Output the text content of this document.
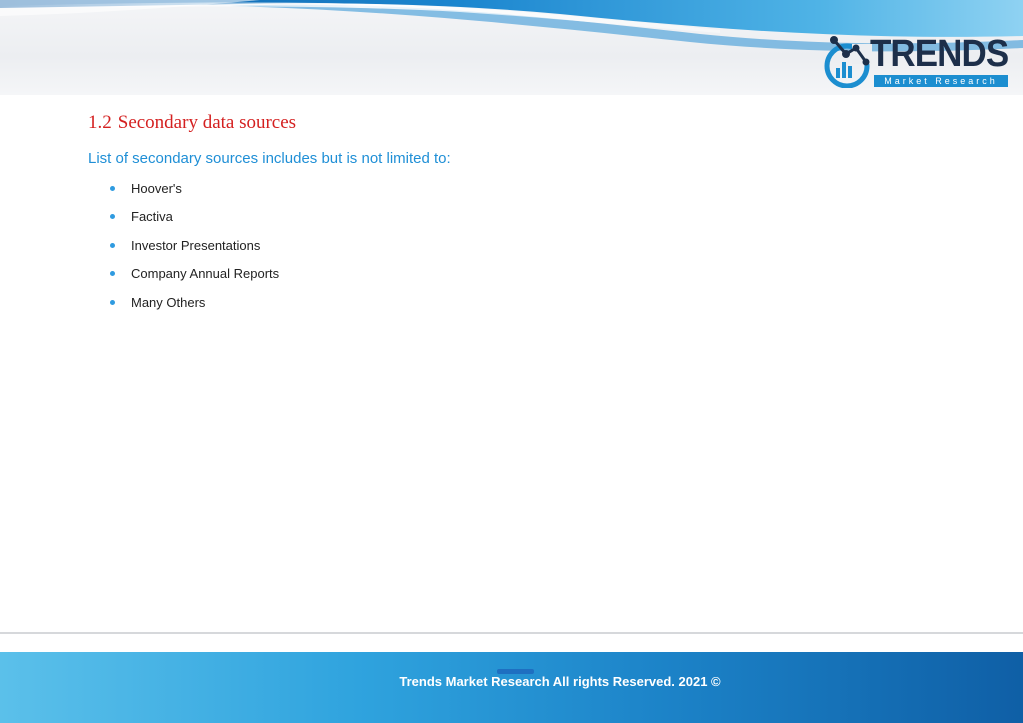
TRENDS
Market Research
1.2 Secondary data sources

List of secondary sources includes but is not limited to:

Hoover's
Factiva
Investor Presentations
Company Annual Reports
Many Others
Trends Market Research All rights Reserved. 2021 ©
